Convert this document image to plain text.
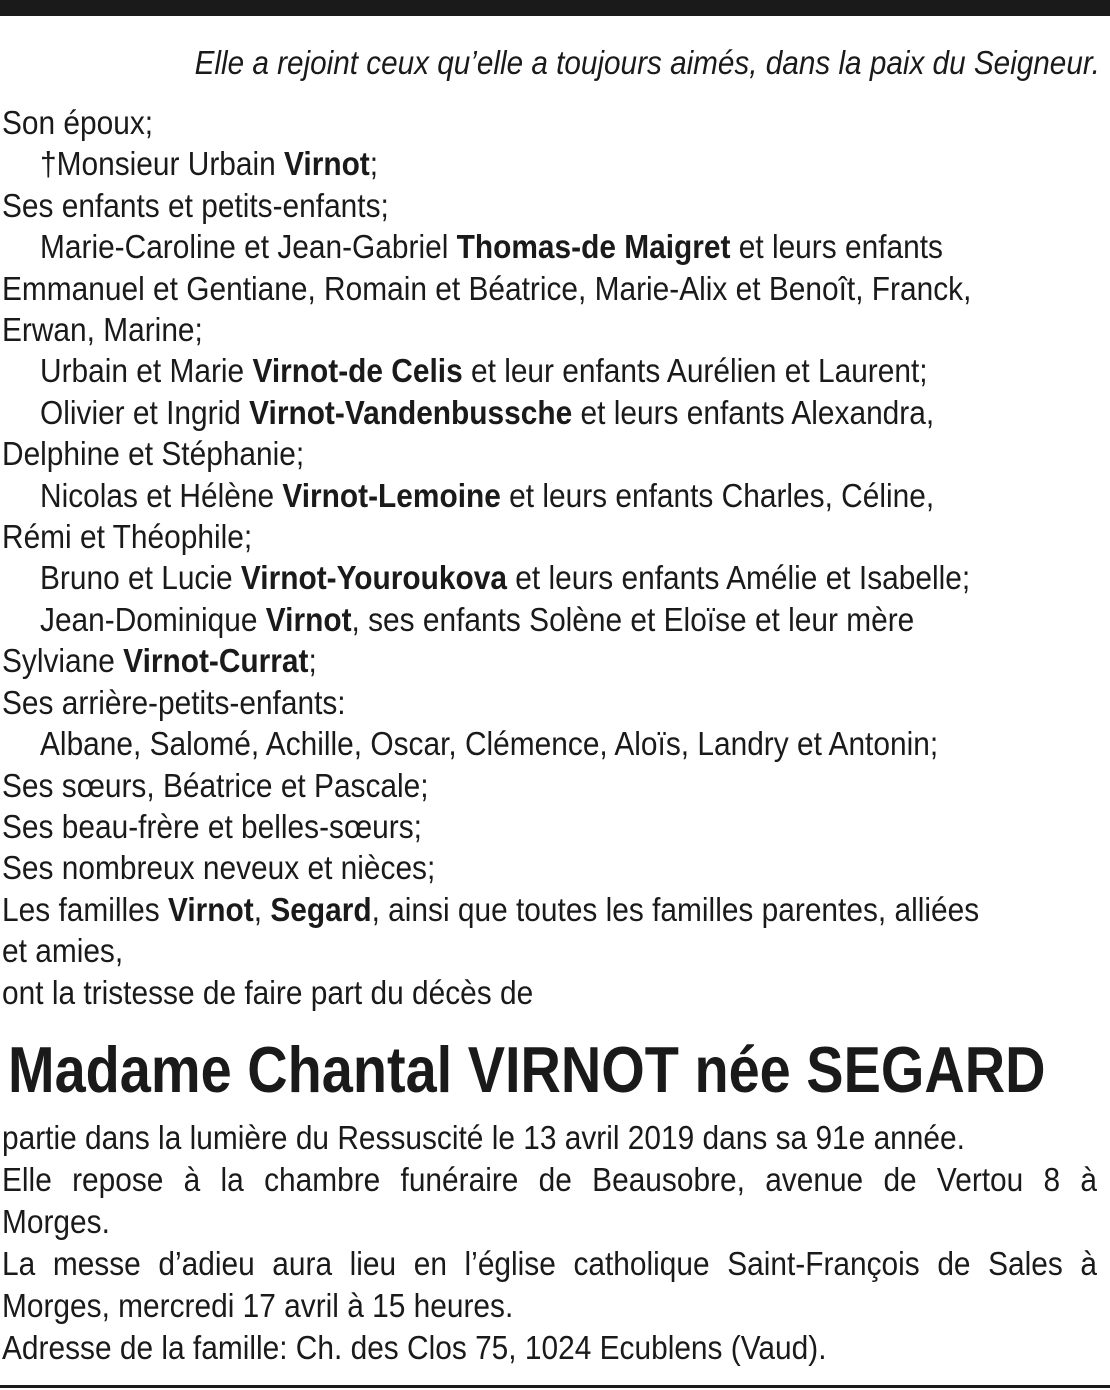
Elle a rejoint ceux qu’elle a toujours aimés, dans la paix du Seigneur.
Son époux;
†Monsieur Urbain Virnot;
Ses enfants et petits-enfants;
Marie-Caroline et Jean-Gabriel Thomas-de Maigret et leurs enfants
Emmanuel et Gentiane, Romain et Béatrice, Marie-Alix et Benoît, Franck,
Erwan, Marine;
Urbain et Marie Virnot-de Celis et leur enfants Aurélien et Laurent;
Olivier et Ingrid Virnot-Vandenbussche et leurs enfants Alexandra,
Delphine et Stéphanie;
Nicolas et Hélène Virnot-Lemoine et leurs enfants Charles, Céline,
Rémi et Théophile;
Bruno et Lucie Virnot-Youroukova et leurs enfants Amélie et Isabelle;
Jean-Dominique Virnot, ses enfants Solène et Eloïse et leur mère
Sylviane Virnot-Currat;
Ses arrière-petits-enfants:
Albane, Salomé, Achille, Oscar, Clémence, Aloïs, Landry et Antonin;
Ses sœurs, Béatrice et Pascale;
Ses beau-frère et belles-sœurs;
Ses nombreux neveux et nièces;
Les familles Virnot, Segard, ainsi que toutes les familles parentes, alliées
et amies,
ont la tristesse de faire part du décès de
Madame Chantal VIRNOT née SEGARD
partie dans la lumière du Ressuscité le 13 avril 2019 dans sa 91e année.
Elle repose à la chambre funéraire de Beausobre, avenue de Vertou 8 à
Morges.
La messe d’adieu aura lieu en l’église catholique Saint-François de Sales à
Morges, mercredi 17 avril à 15 heures.
Adresse de la famille: Ch. des Clos 75, 1024 Ecublens (Vaud).
